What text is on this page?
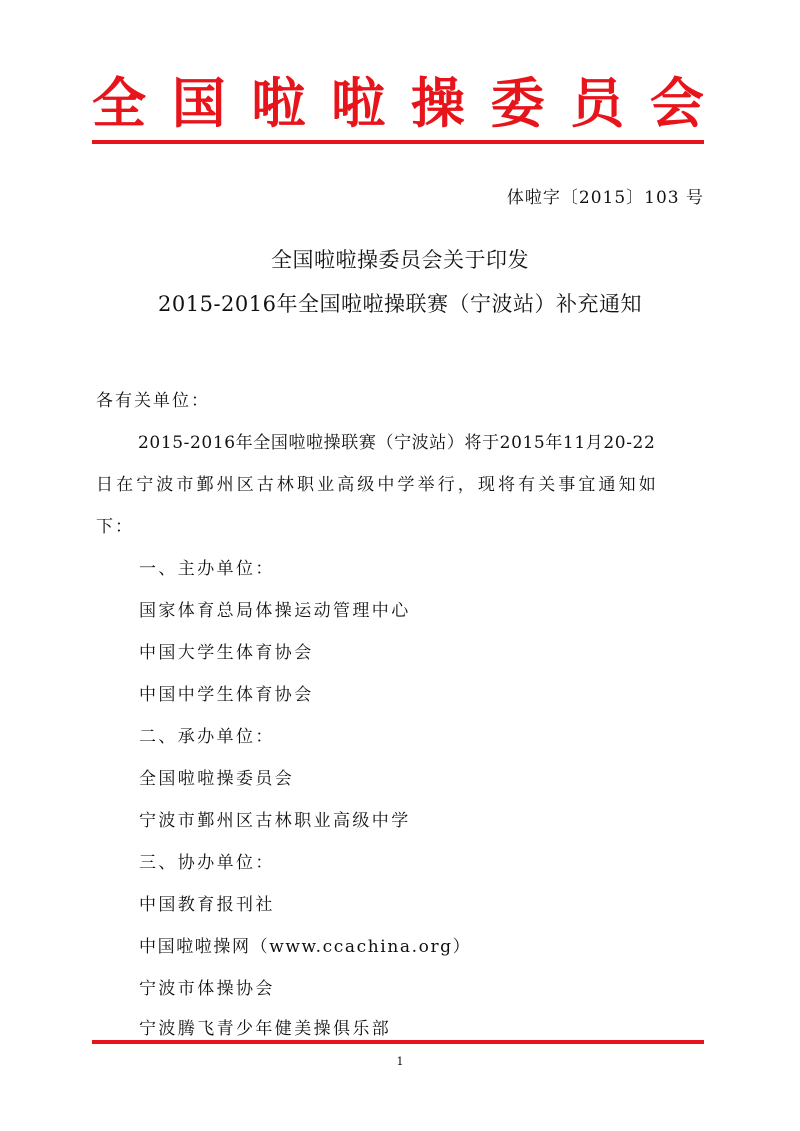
全 国 啦 啦 操 委 员 会
体啦字〔2015〕103 号
全国啦啦操委员会关于印发
2015-2016年全国啦啦操联赛（宁波站）补充通知
各有关单位：
2015-2016年全国啦啦操联赛（宁波站）将于2015年11月20-22
日在宁波市鄞州区古林职业高级中学举行，现将有关事宜通知如
下：
一、主办单位：
国家体育总局体操运动管理中心
中国大学生体育协会
中国中学生体育协会
二、承办单位：
全国啦啦操委员会
宁波市鄞州区古林职业高级中学
三、协办单位：
中国教育报刊社
中国啦啦操网（www.ccachina.org）
宁波市体操协会
宁波腾飞青少年健美操俱乐部
1
